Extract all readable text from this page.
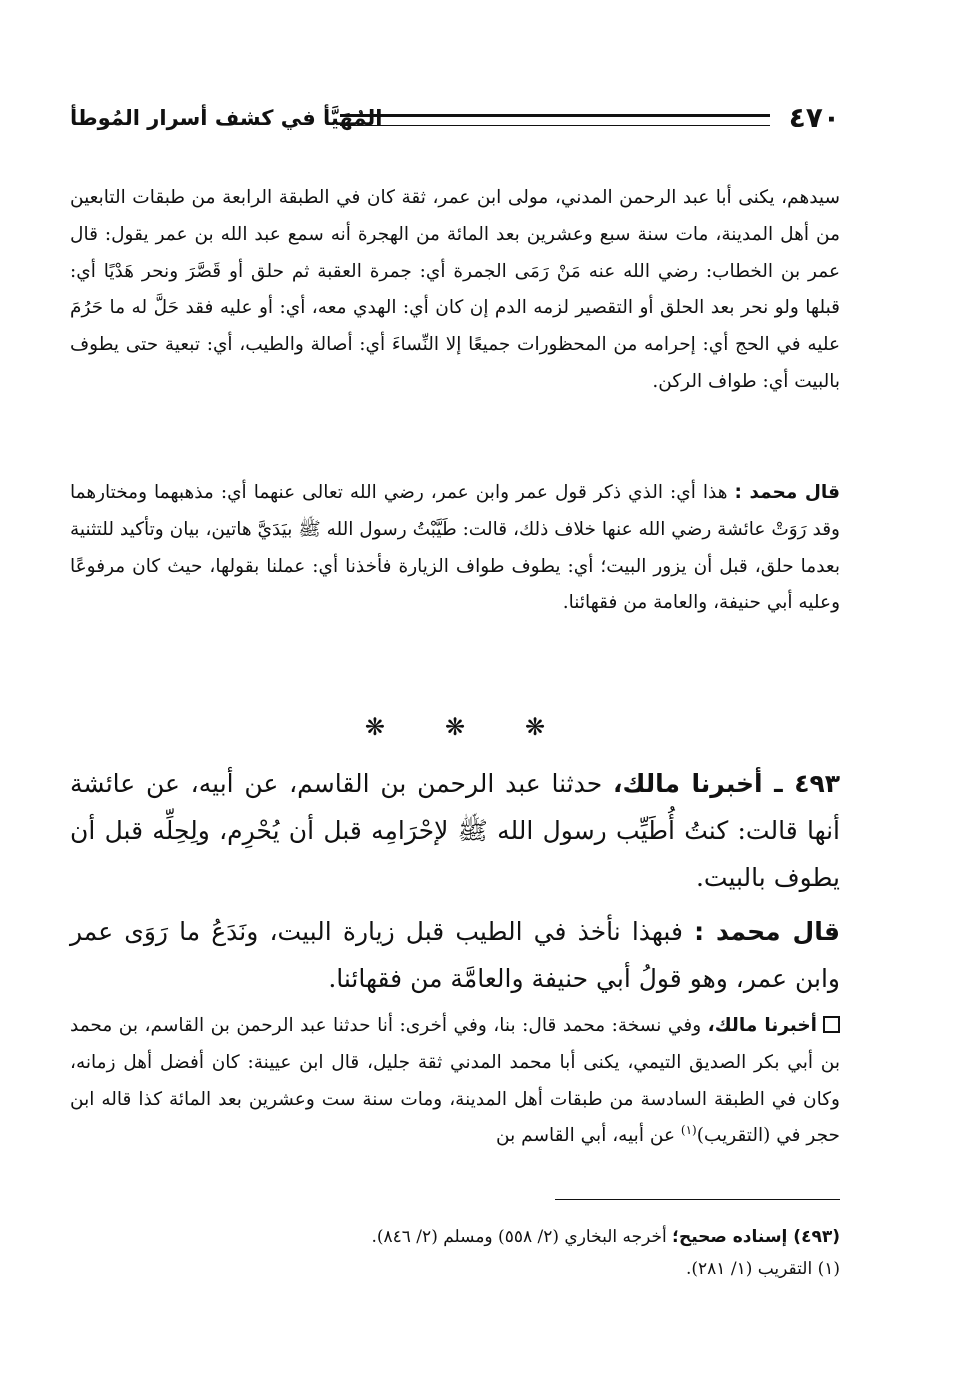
٤٧٠
المُهَيَّأ في كشف أسرار المُوطأ

سيدهم، يكنى أبا عبد الرحمن المدني، مولى ابن عمر، ثقة كان في الطبقة الرابعة من طبقات التابعين من أهل المدينة، مات سنة سبع وعشرين بعد المائة من الهجرة أنه سمع عبد الله بن عمر يقول: قال عمر بن الخطاب: رضي الله عنه مَنْ رَمَى الجمرة أي: جمرة العقبة ثم حلق أو قَصَّرَ ونحر هَدْيًا أي: قبلها ولو نحر بعد الحلق أو التقصير لزمه الدم إن كان أي: الهدي معه، أي: أو عليه فقد حَلَّ له ما حَرُمَ عليه في الحج أي: إحرامه من المحظورات جميعًا إلا النِّساءَ أي: أصالة والطيب، أي: تبعية حتى يطوف بالبيت أي: طواف الركن.

قال محمد : هذا أي: الذي ذكر قول عمر وابن عمر، رضي الله تعالى عنهما أي: مذهبهما ومختارهما وقد رَوَتْ عائشة رضي الله عنها خلاف ذلك، قالت: طَيَّبْتُ رسول الله ﷺ بيَدَيَّ هاتين، بيان وتأكيد للتثنية بعدما حلق، قبل أن يزور البيت؛ أي: يطوف طواف الزيارة فأخذنا أي: عملنا بقولها، حيث كان مرفوعًا وعليه أبي حنيفة، والعامة من فقهائنا.

❋❋❋

٤٩٣ ـ أخبرنا مالك، حدثنا عبد الرحمن بن القاسم، عن أبيه، عن عائشة أنها قالت: كنتُ أُطَيِّب رسول الله ﷺ لإحْرَامِه قبل أن يُحْرِم، ولِحِلِّه قبل أن يطوف بالبيت.

قال محمد : فبهذا نأخذ في الطيب قبل زيارة البيت، ونَدَعُ ما رَوَى عمر وابن عمر، وهو قولُ أبي حنيفة والعامَّة من فقهائنا.

أخبرنا مالك، وفي نسخة: محمد قال: بنا، وفي أخرى: أنا حدثنا عبد الرحمن بن القاسم، بن محمد بن أبي بكر الصديق التيمي، يكنى أبا محمد المدني ثقة جليل، قال ابن عيينة: كان أفضل أهل زمانه، وكان في الطبقة السادسة من طبقات أهل المدينة، ومات سنة ست وعشرين بعد المائة كذا قاله ابن حجر في (التقريب)$^{(١)}$ عن أبيه، أبي القاسم بن

(٤٩٣) إسناده صحيح؛ أخرجه البخاري (٢/ ٥٥٨) ومسلم (٢/ ٨٤٦).

(١) التقريب (١/ ٢٨١).
